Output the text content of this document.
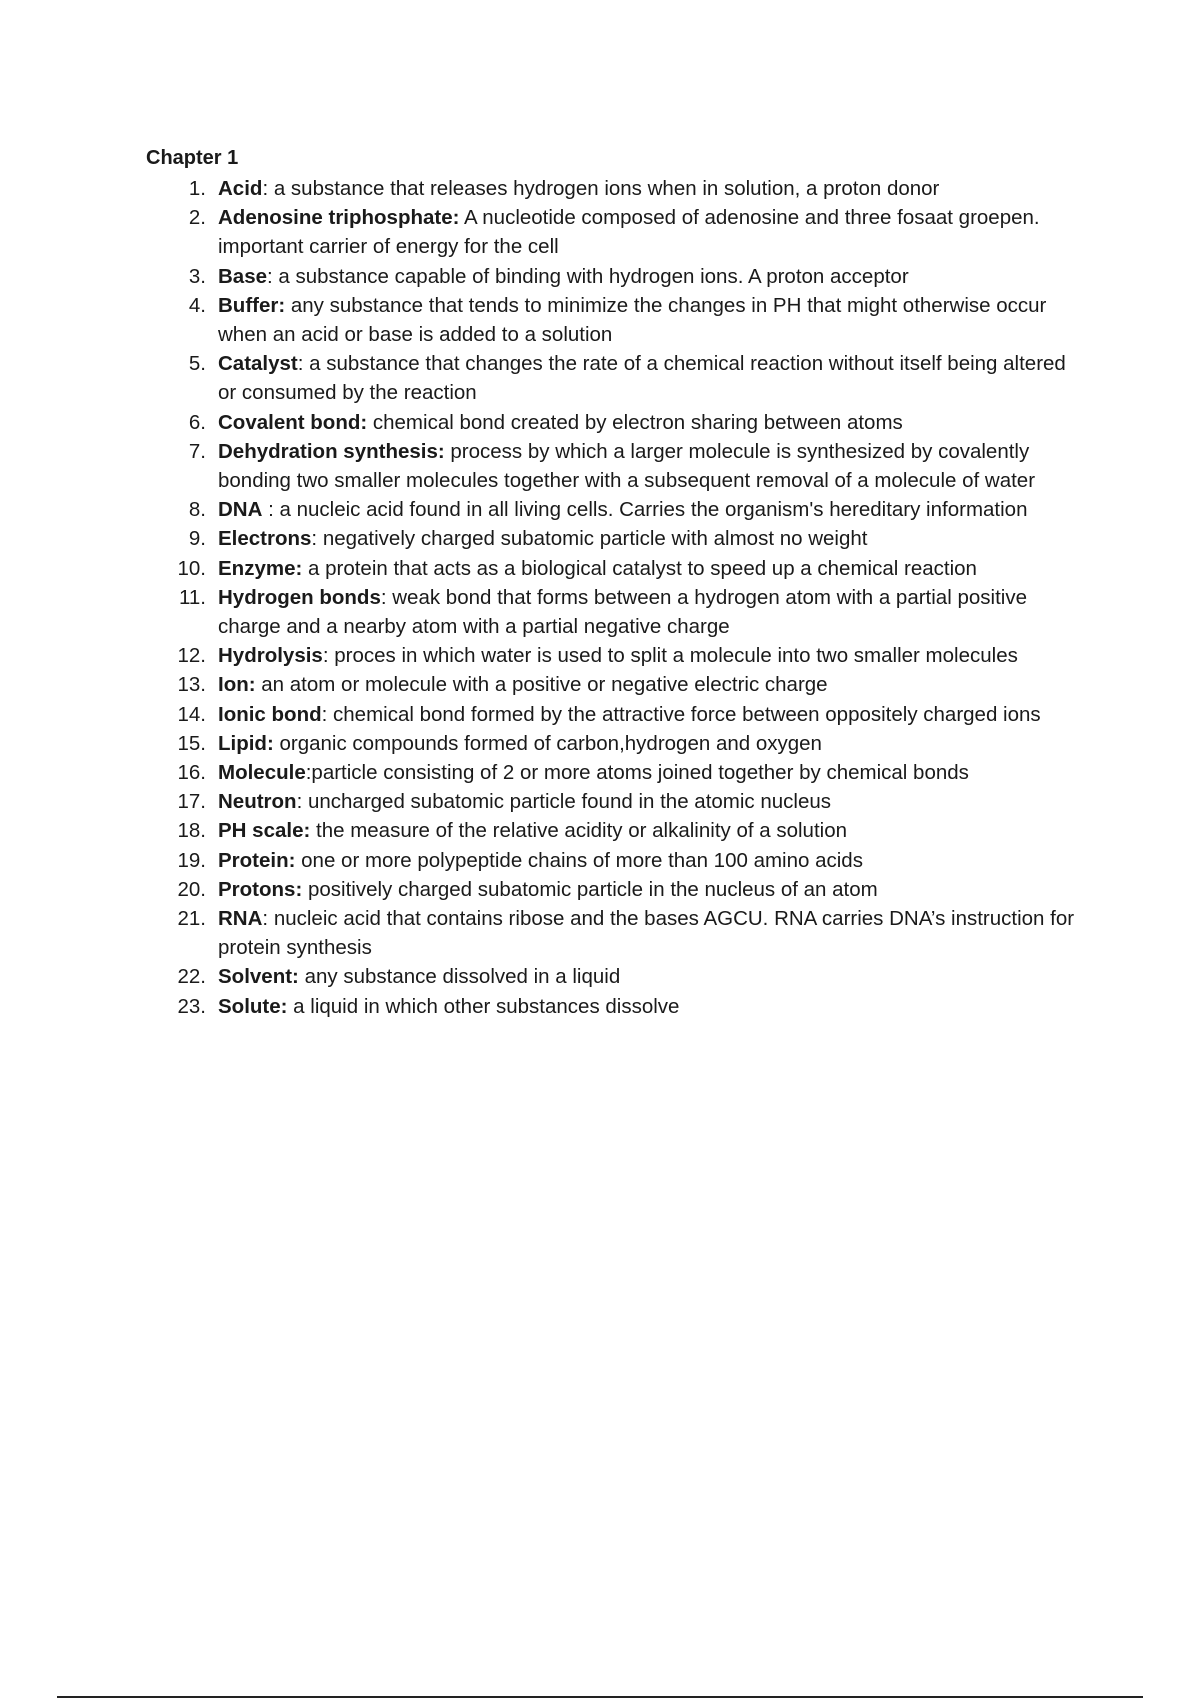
Chapter 1
1. Acid: a substance that releases hydrogen ions when in solution, a proton donor
2. Adenosine triphosphate: A nucleotide composed of adenosine and three fosaat groepen. important carrier of energy for the cell
3. Base: a substance capable of binding with hydrogen ions. A proton acceptor
4. Buffer: any substance that tends to minimize the changes in PH that might otherwise occur when an acid or base is added to a solution
5. Catalyst: a substance that changes the rate of a chemical reaction without itself being altered or consumed by the reaction
6. Covalent bond: chemical bond created by electron sharing between atoms
7. Dehydration synthesis: process by which a larger molecule is synthesized by covalently bonding two smaller molecules together with a subsequent removal of a molecule of water
8. DNA : a nucleic acid found in all living cells. Carries the organism's hereditary information
9. Electrons: negatively charged subatomic particle with almost no weight
10. Enzyme: a protein that acts as a biological catalyst to speed up a chemical reaction
11. Hydrogen bonds: weak bond that forms between a hydrogen atom with a partial positive charge and a nearby atom with a partial negative charge
12. Hydrolysis: proces in which water is used to split a molecule into two smaller molecules
13. Ion: an atom or molecule with a positive or negative electric charge
14. Ionic bond: chemical bond formed by the attractive force between oppositely charged ions
15. Lipid: organic compounds formed of carbon,hydrogen and oxygen
16. Molecule:particle consisting of 2 or more atoms joined together by chemical bonds
17. Neutron: uncharged subatomic particle found in the atomic nucleus
18. PH scale: the measure of the relative acidity or alkalinity of a solution
19. Protein: one or more polypeptide chains of more than 100 amino acids
20. Protons: positively charged subatomic particle in the nucleus of an atom
21. RNA: nucleic acid that contains ribose and the bases AGCU. RNA carries DNA’s instruction for protein synthesis
22. Solvent: any substance dissolved in a liquid
23. Solute: a liquid in which other substances dissolve
